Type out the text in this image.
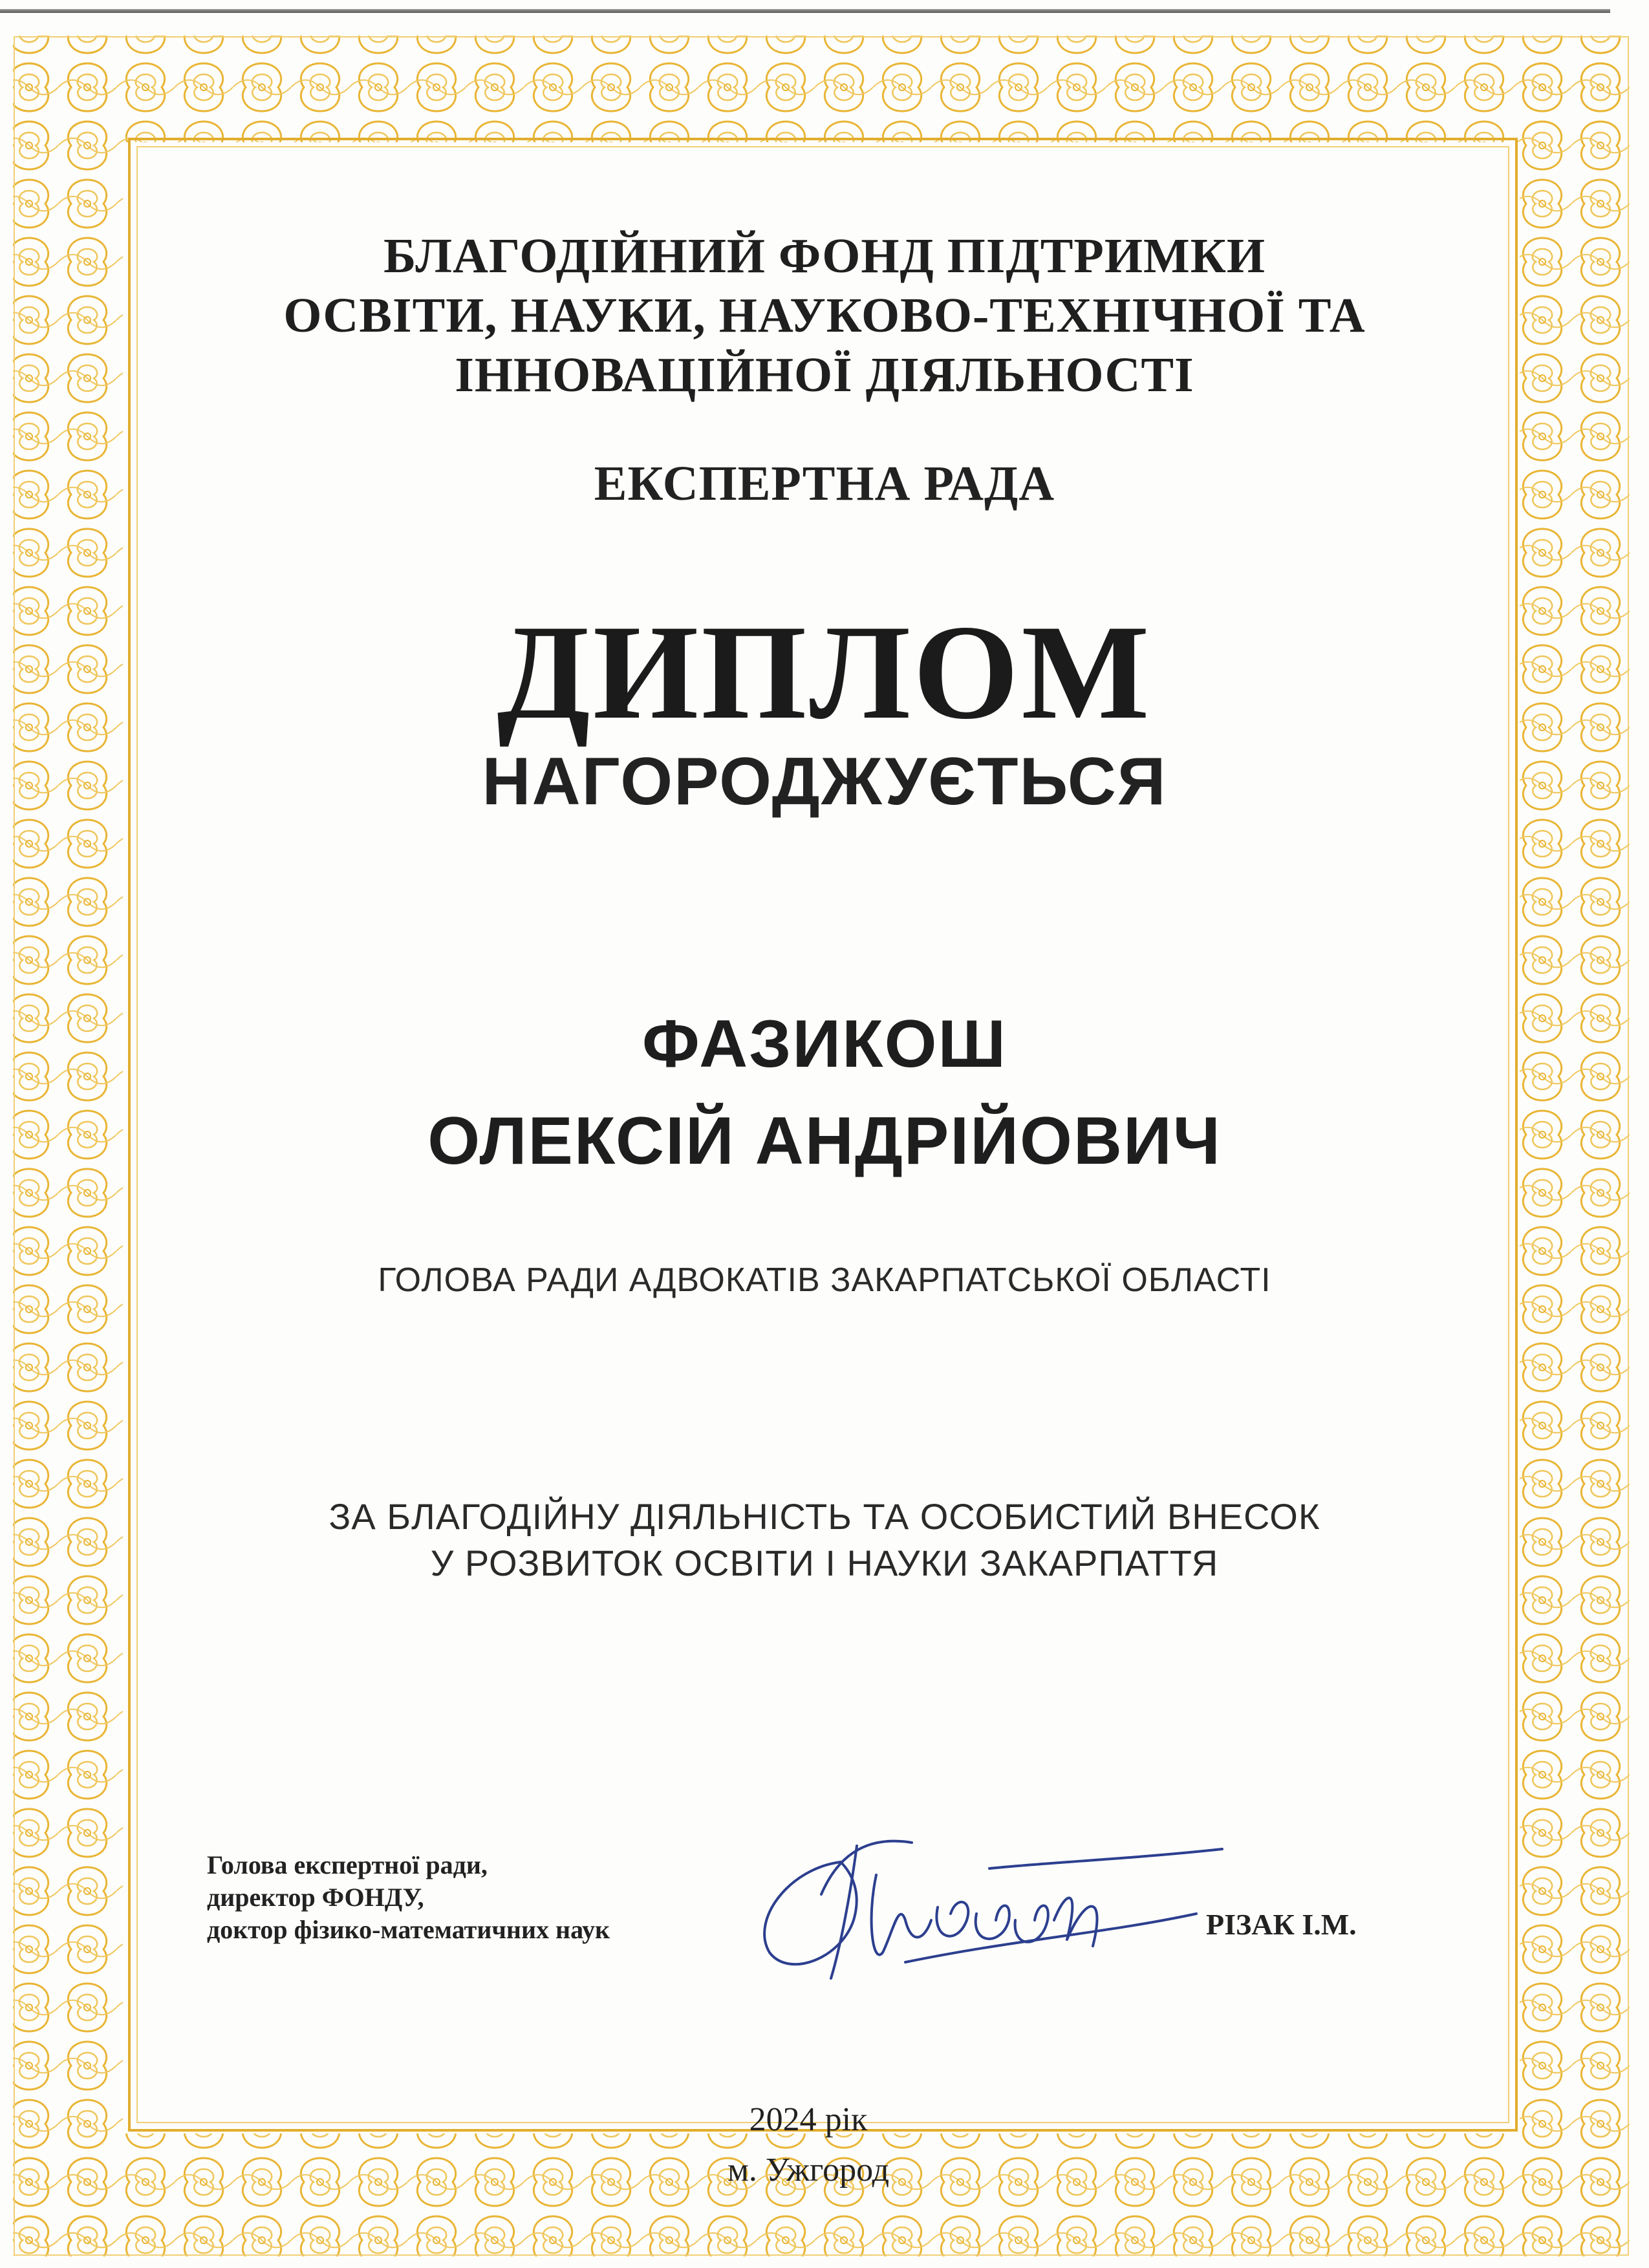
БЛАГОДІЙНИЙ ФОНД ПІДТРИМКИ
ОСВІТИ, НАУКИ, НАУКОВО-ТЕХНІЧНОЇ ТА
ІННОВАЦІЙНОЇ ДІЯЛЬНОСТІ
ЕКСПЕРТНА РАДА
ДИПЛОМ
НАГОРОДЖУЄТЬСЯ
ФАЗИКОШ
ОЛЕКСІЙ АНДРІЙОВИЧ
ГОЛОВА РАДИ АДВОКАТІВ ЗАКАРПАТСЬКОЇ ОБЛАСТІ
ЗА БЛАГОДІЙНУ ДІЯЛЬНІСТЬ ТА ОСОБИСТИЙ ВНЕСОК
У РОЗВИТОК ОСВІТИ І НАУКИ ЗАКАРПАТТЯ
Голова експертної ради,
директор ФОНДУ,
доктор фізико-математичних наук	РІЗАК І.М.
2024 рік
м. Ужгород
